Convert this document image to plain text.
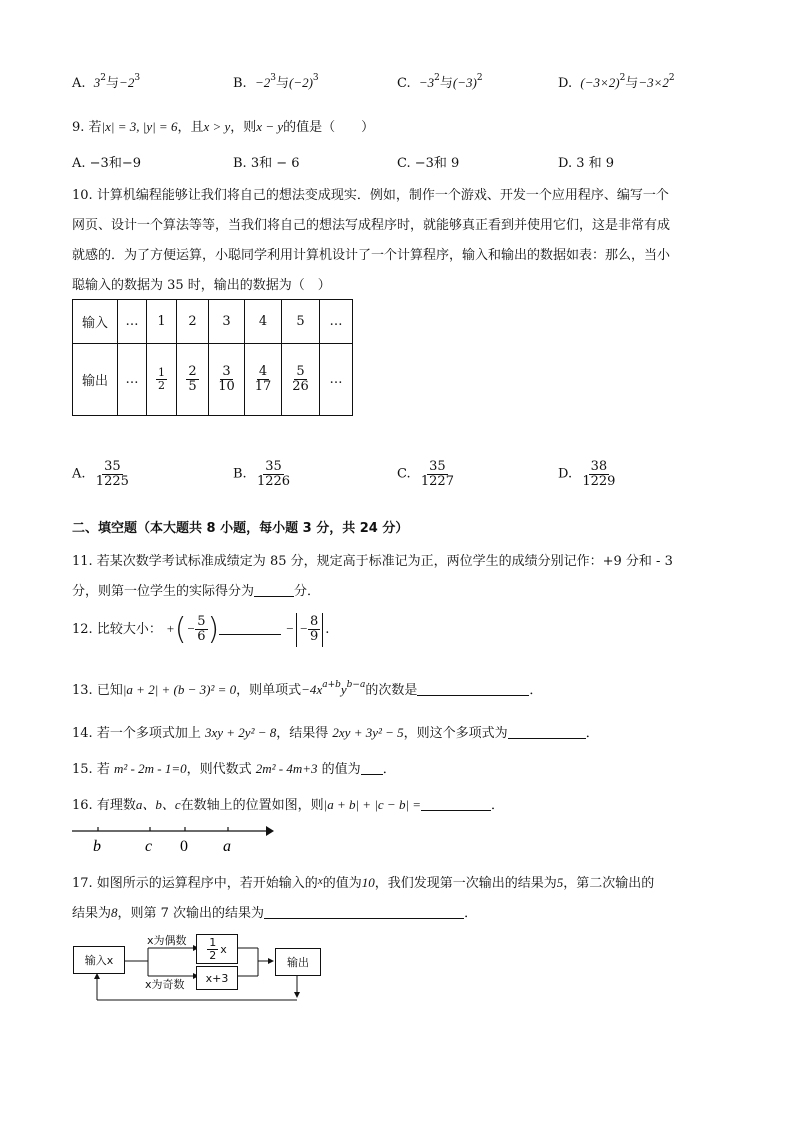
A. $3^2$与$-2^3$	B. $-2^3$与$(-2)^3$	C. $-3^2$与$(-3)^2$	D. $(-3\times 2)^2$与$-3\times 2^2$
9. 若|x| = 3, |y| = 6，且x > y，则x − y的值是（　　）
A. −3和−9	B. 3和 − 6	C. −3和 9	D. 3 和 9
10. 计算机编程能够让我们将自己的想法变成现实．例如，制作一个游戏、开发一个应用程序、编写一个
网页、设计一个算法等等，当我们将自己的想法写成程序时，就能够真正看到并使用它们，这是非常有成
就感的．为了方便运算，小聪同学利用计算机设计了一个计算程序，输入和输出的数据如表：那么，当小
聪输入的数据为 35 时，输出的数据为（　）
输入	…	1	2	3	4	5	…
输出	…	$\frac{1}{2}$	$\frac{2}{5}$	$\frac{3}{10}$	$\frac{4}{17}$	$\frac{5}{26}$	…
A. $\frac{35}{1225}$	B. $\frac{35}{1226}$	C. $\frac{35}{1227}$	D. $\frac{38}{1229}$
二、填空题（本大题共 8 小题，每小题 3 分，共 24 分）
11. 若某次数学考试标准成绩定为 85 分，规定高于标准记为正，两位学生的成绩分别记作：+9 分和 - 3
分，则第一位学生的实际得分为	分．
12. 比较大小： +(− $\frac{5}{6}$ )	− − $\frac{8}{9}$ .
13. 已知|a + 2| + (b − 3)² = 0，则单项式$-4x^{a+b}y^{b-a}$的次数是	．
14. 若一个多项式加上 3xy + 2y² − 8，结果得 2xy + 3y² − 5，则这个多项式为	．
15. 若 m² - 2m - 1=0，则代数式 2m² - 4m+3 的值为 ．
16. 有理数a、b、c在数轴上的位置如图，则|a + b| + |c − b| =	．
b	c 0 a
17. 如图所示的运算程序中，若开始输入的$^x$的值为10，我们发现第一次输出的结果为5，第二次输出的
结果为8，则第 7 次输出的结果为	．
输入x
x为偶数
x为奇数
$\frac{1}{2}$ x
x+3
输出
